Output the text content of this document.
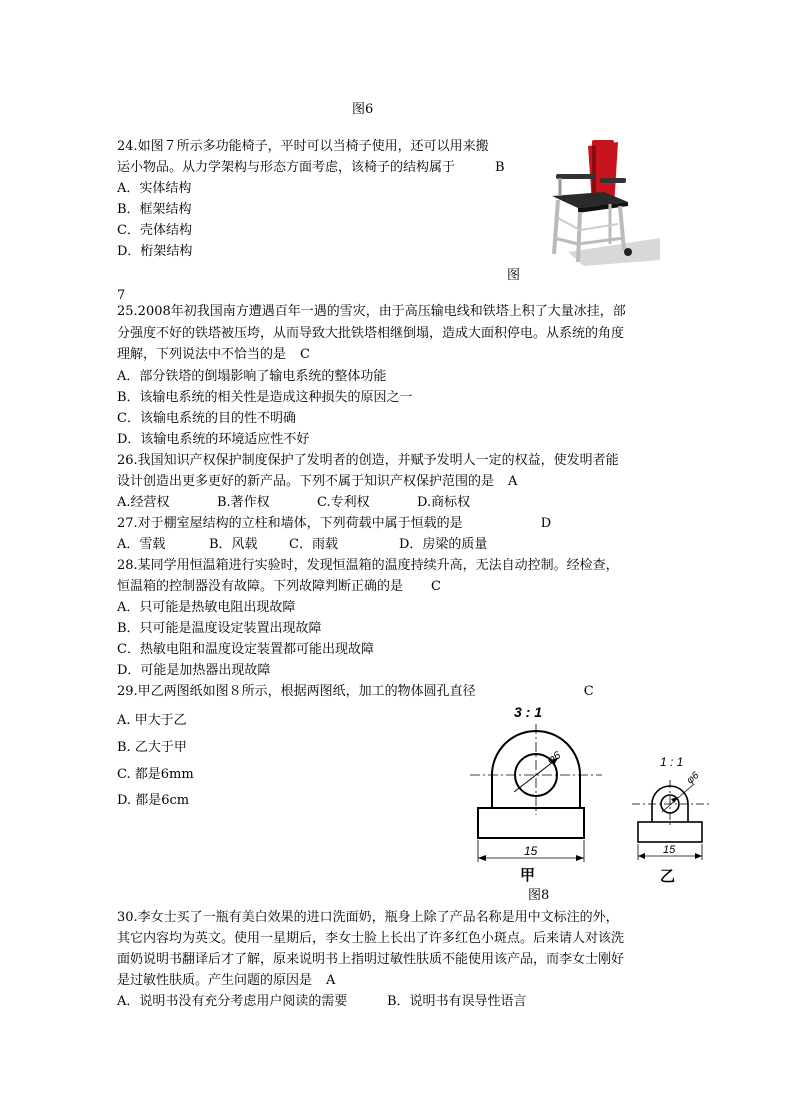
图6
24.如图７所示多功能椅子，平时可以当椅子使用，还可以用来搬
运小物品。从力学架构与形态方面考虑，该椅子的结构属于	B
A．实体结构
B．框架结构
C．壳体结构
D．桁架结构
图
7
25.2008年初我国南方遭遇百年一遇的雪灾，由于高压输电线和铁塔上积了大量冰挂，部
分强度不好的铁塔被压垮，从而导致大批铁塔相继倒塌，造成大面积停电。从系统的角度
理解，下列说法中不恰当的是 C
A．部分铁塔的倒塌影响了输电系统的整体功能
B．该输电系统的相关性是造成这种损失的原因之一
C．该输电系统的目的性不明确
D．该输电系统的环境适应性不好
26.我国知识产权保护制度保护了发明者的创造，并赋予发明人一定的权益，使发明者能
设计创造出更多更好的新产品。下列不属于知识产权保护范围的是 A
A.经营权	B.著作权	C.专利权	D.商标权
27.对于棚室屋结构的立柱和墙体，下列荷载中属于恒载的是	D
A．雪载	B．风载 C．雨载	D．房梁的质量
28.某同学用恒温箱进行实验时，发现恒温箱的温度持续升高，无法自动控制。经检查，
恒温箱的控制器没有故障。下列故障判断正确的是 C
A．只可能是热敏电阻出现故障
B．只可能是温度设定装置出现故障
C．热敏电阻和温度设定装置都可能出现故障
D．可能是加热器出现故障
29.甲乙两图纸如图８所示，根据两图纸，加工的物体圆孔直径	C
A. 甲大于乙
B. 乙大于甲
C. 都是6mm
D. 都是6cm
3 : 1
φ6
15
甲
1 : 1
φ6
15
乙
图8
30.李女士买了一瓶有美白效果的进口洗面奶，瓶身上除了产品名称是用中文标注的外，
其它内容均为英文。使用一星期后，李女士脸上长出了许多红色小斑点。后来请人对该洗
面奶说明书翻译后才了解，原来说明书上指明过敏性肤质不能使用该产品，而李女士刚好
是过敏性肤质。产生问题的原因是 A
A．说明书没有充分考虑用户阅读的需要	B．说明书有误导性语言
